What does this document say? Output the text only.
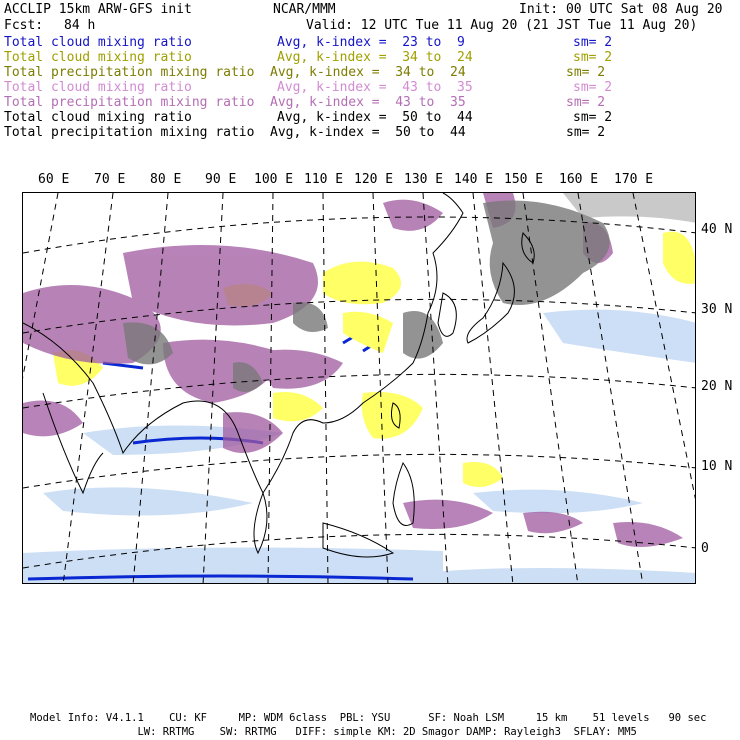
ACCLIP 15km ARW-GFS init	NCAR/MMM	Init: 00 UTC Sat 08 Aug 20
Fcst: 84 h	Valid: 12 UTC Tue 11 Aug 20 (21 JST Tue 11 Aug 20)
Total cloud mixing ratio	Avg, k-index =  23 to  9	sm= 2
Total cloud mixing ratio	Avg, k-index =  34 to  24	sm= 2
Total precipitation mixing ratio Avg, k-index =  34 to  24	sm= 2
Total cloud mixing ratio	Avg, k-index =  43 to  35	sm= 2
Total precipitation mixing ratio Avg, k-index =  43 to  35	sm= 2
Total cloud mixing ratio	Avg, k-index =  50 to  44	sm= 2
Total precipitation mixing ratio Avg, k-index =  50 to  44	sm= 2
60 E 70 E 80 E 90 E 100 E 110 E 120 E 130 E 140 E 150 E 160 E 170 E
40 N
30 N
20 N
10 N
0
Model Info: V4.1.1    CU: KF     MP: WDM 6class  PBL: YSU      SF: Noah LSM     15 km    51 levels   90 sec
LW: RRTMG    SW: RRTMG   DIFF: simple KM: 2D Smagor DAMP: Rayleigh3  SFLAY: MM5
